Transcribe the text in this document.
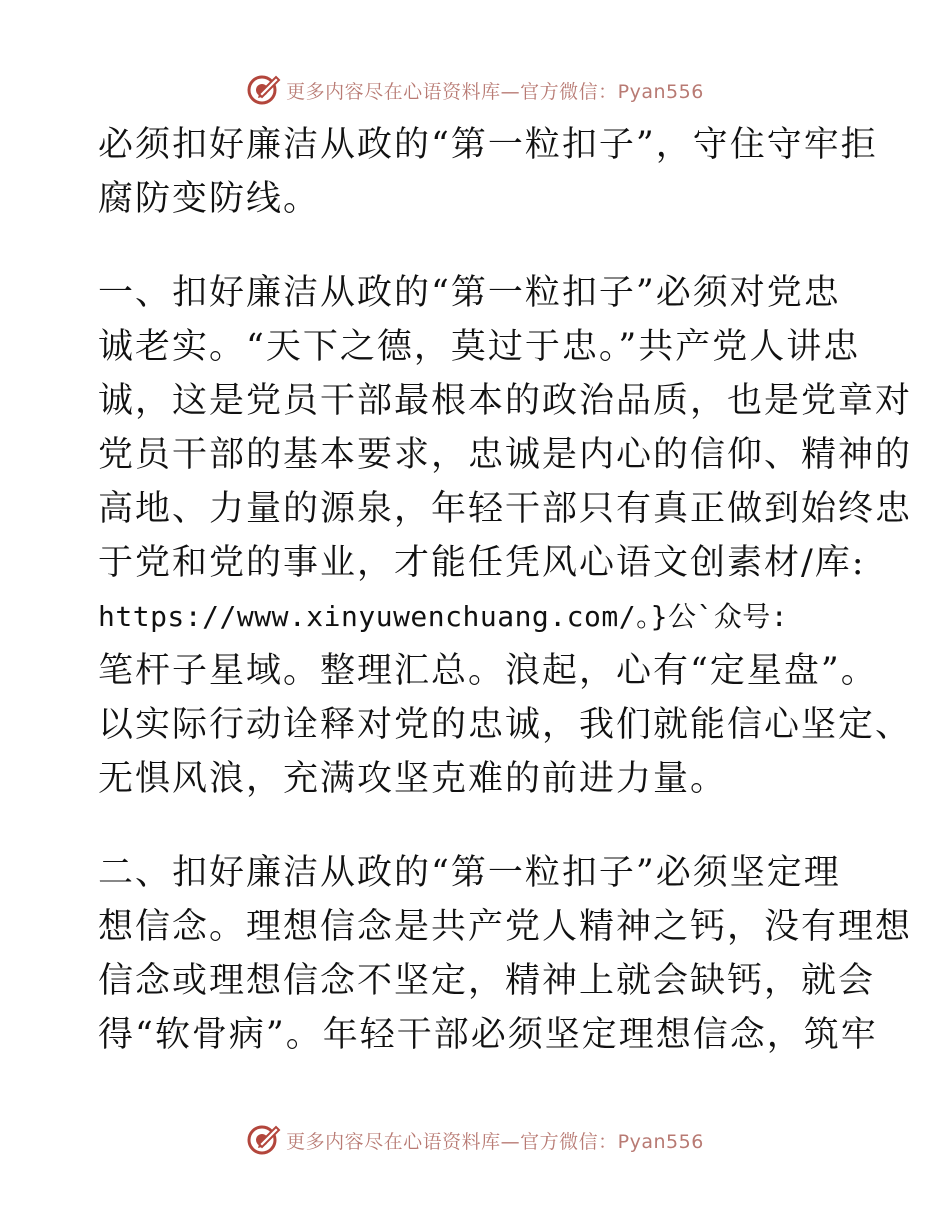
更多内容尽在心语资料库—官方微信：Pyan556
必须扣好廉洁从政的“第一粒扣子”，守住守牢拒
腐防变防线。
一、扣好廉洁从政的“第一粒扣子”必须对党忠
诚老实。“天下之德，莫过于忠。”共产党人讲忠
诚，这是党员干部最根本的政治品质，也是党章对
党员干部的基本要求，忠诚是内心的信仰、精神的
高地、力量的源泉，年轻干部只有真正做到始终忠
于党和党的事业，才能任凭风心语文创素材/库:
https://www.xinyuwenchuang.com/。}公`众号:
笔杆子星域。整理汇总。浪起，心有“定星盘”。
以实际行动诠释对党的忠诚，我们就能信心坚定、
无惧风浪，充满攻坚克难的前进力量。
二、扣好廉洁从政的“第一粒扣子”必须坚定理
想信念。理想信念是共产党人精神之钙，没有理想
信念或理想信念不坚定，精神上就会缺钙，就会
得“软骨病”。年轻干部必须坚定理想信念，筑牢
更多内容尽在心语资料库—官方微信：Pyan556
